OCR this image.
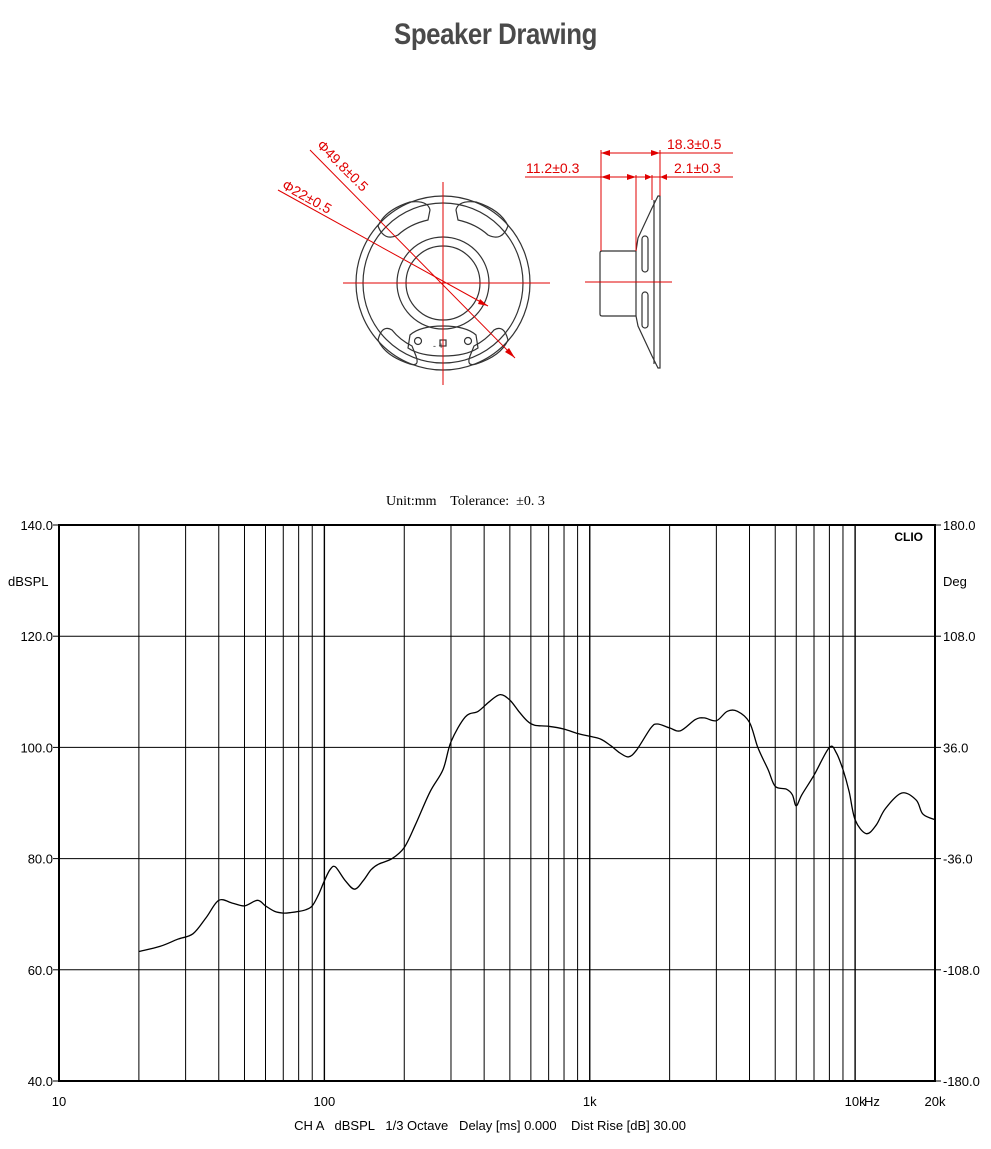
Speaker Drawing
- +
Φ49.8±0.5
Φ22±0.5
18.3±0.5
11.2±0.3	2.1±0.3
Unit:mm    Tolerance:  ±0. 3
140.0
120.0
100.0
80.0
60.0
40.0
180.0
108.0
36.0
-36.0
-108.0
-180.0
10	100	1k	10k	20k
dBSPL	Deg
Hz
CLIO
CH A   dBSPL   1/3 Octave   Delay [ms] 0.000    Dist Rise [dB] 30.00
